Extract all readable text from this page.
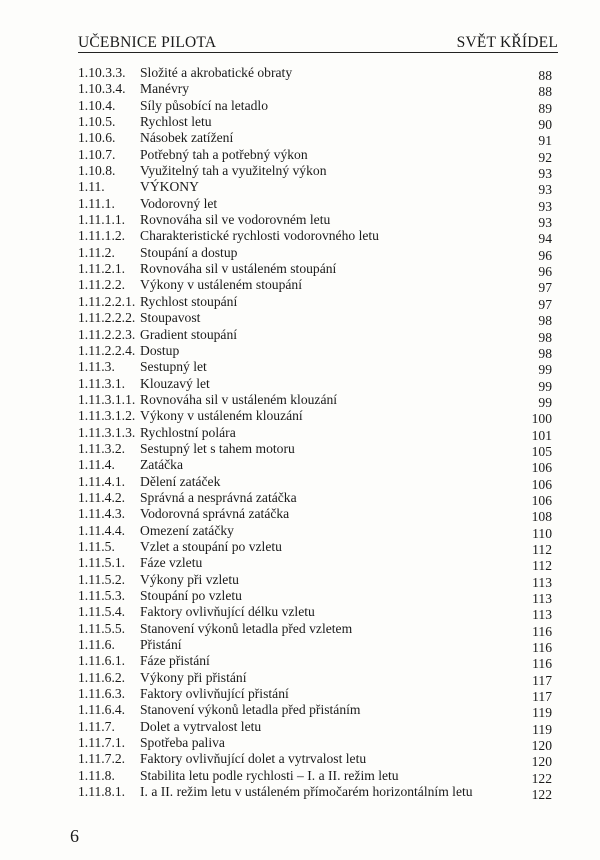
UČEBNICE PILOTA	SVĚT KŘÍDEL
1.10.3.3. Složité a akrobatické obraty	88
1.10.3.4. Manévry	88
1.10.4. Síly působící na letadlo	89
1.10.5. Rychlost letu	90
1.10.6. Násobek zatížení	91
1.10.7. Potřebný tah a potřebný výkon	92
1.10.8. Využitelný tah a využitelný výkon	93
1.11.	VÝKONY	93
1.11.1. Vodorovný let	93
1.11.1.1. Rovnováha sil ve vodorovném letu	93
1.11.1.2. Charakteristické rychlosti vodorovného letu	94
1.11.2. Stoupání a dostup	96
1.11.2.1. Rovnováha sil v ustáleném stoupání	96
1.11.2.2. Výkony v ustáleném stoupání	97
1.11.2.2.1. Rychlost stoupání	97
1.11.2.2.2. Stoupavost	98
1.11.2.2.3. Gradient stoupání	98
1.11.2.2.4. Dostup	98
1.11.3. Sestupný let	99
1.11.3.1. Klouzavý let	99
1.11.3.1.1. Rovnováha sil v ustáleném klouzání	99
1.11.3.1.2. Výkony v ustáleném klouzání	100
1.11.3.1.3. Rychlostní polára	101
1.11.3.2. Sestupný let s tahem motoru	105
1.11.4. Zatáčka	106
1.11.4.1. Dělení zatáček	106
1.11.4.2. Správná a nesprávná zatáčka	106
1.11.4.3. Vodorovná správná zatáčka	108
1.11.4.4. Omezení zatáčky	110
1.11.5. Vzlet a stoupání po vzletu	112
1.11.5.1. Fáze vzletu	112
1.11.5.2. Výkony při vzletu	113
1.11.5.3. Stoupání po vzletu	113
1.11.5.4. Faktory ovlivňující délku vzletu	113
1.11.5.5. Stanovení výkonů letadla před vzletem	116
1.11.6. Přistání	116
1.11.6.1. Fáze přistání	116
1.11.6.2. Výkony při přistání	117
1.11.6.3. Faktory ovlivňující přistání	117
1.11.6.4. Stanovení výkonů letadla před přistáním	119
1.11.7. Dolet a vytrvalost letu	119
1.11.7.1. Spotřeba paliva	120
1.11.7.2. Faktory ovlivňující dolet a vytrvalost letu	120
1.11.8. Stabilita letu podle rychlosti – I. a II. režim letu	122
1.11.8.1. I. a II. režim letu v ustáleném přímočarém horizontálním letu	122
6
